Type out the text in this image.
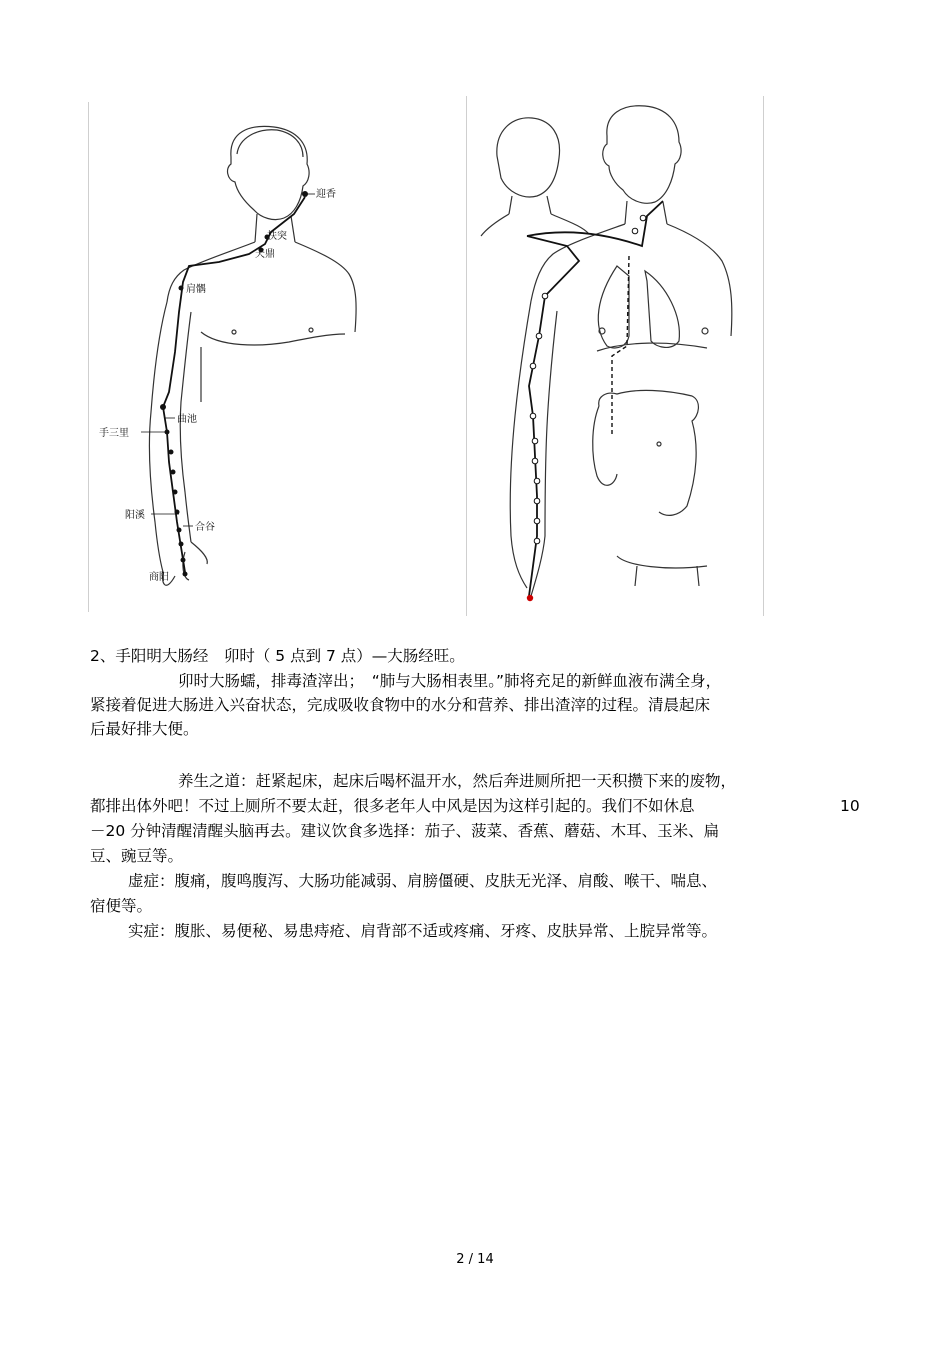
迎香
扶突
天鼎
肩髃
曲池
手三里
阳溪
合谷
商阳
2、手阳明大肠经　卯时（ 5 点到 7 点）—大肠经旺。
卯时大肠蠕，排毒渣滓出；　“肺与大肠相表里。”肺将充足的新鲜血液布满全身，
紧接着促进大肠进入兴奋状态，完成吸收食物中的水分和营养、排出渣滓的过程。清晨起床
后最好排大便。
养生之道：赶紧起床，起床后喝杯温开水，然后奔进厕所把一天积攒下来的废物，
都排出体外吧！不过上厕所不要太赶，很多老年人中风是因为这样引起的。我们不如休息	10
－20 分钟清醒清醒头脑再去。建议饮食多选择：茄子、菠菜、香蕉、蘑菇、木耳、玉米、扁
豆、豌豆等。
虚症：腹痛，腹鸣腹泻、大肠功能减弱、肩膀僵硬、皮肤无光泽、肩酸、喉干、喘息、
宿便等。
实症：腹胀、易便秘、易患痔疮、肩背部不适或疼痛、牙疼、皮肤异常、上脘异常等。
2 / 14
